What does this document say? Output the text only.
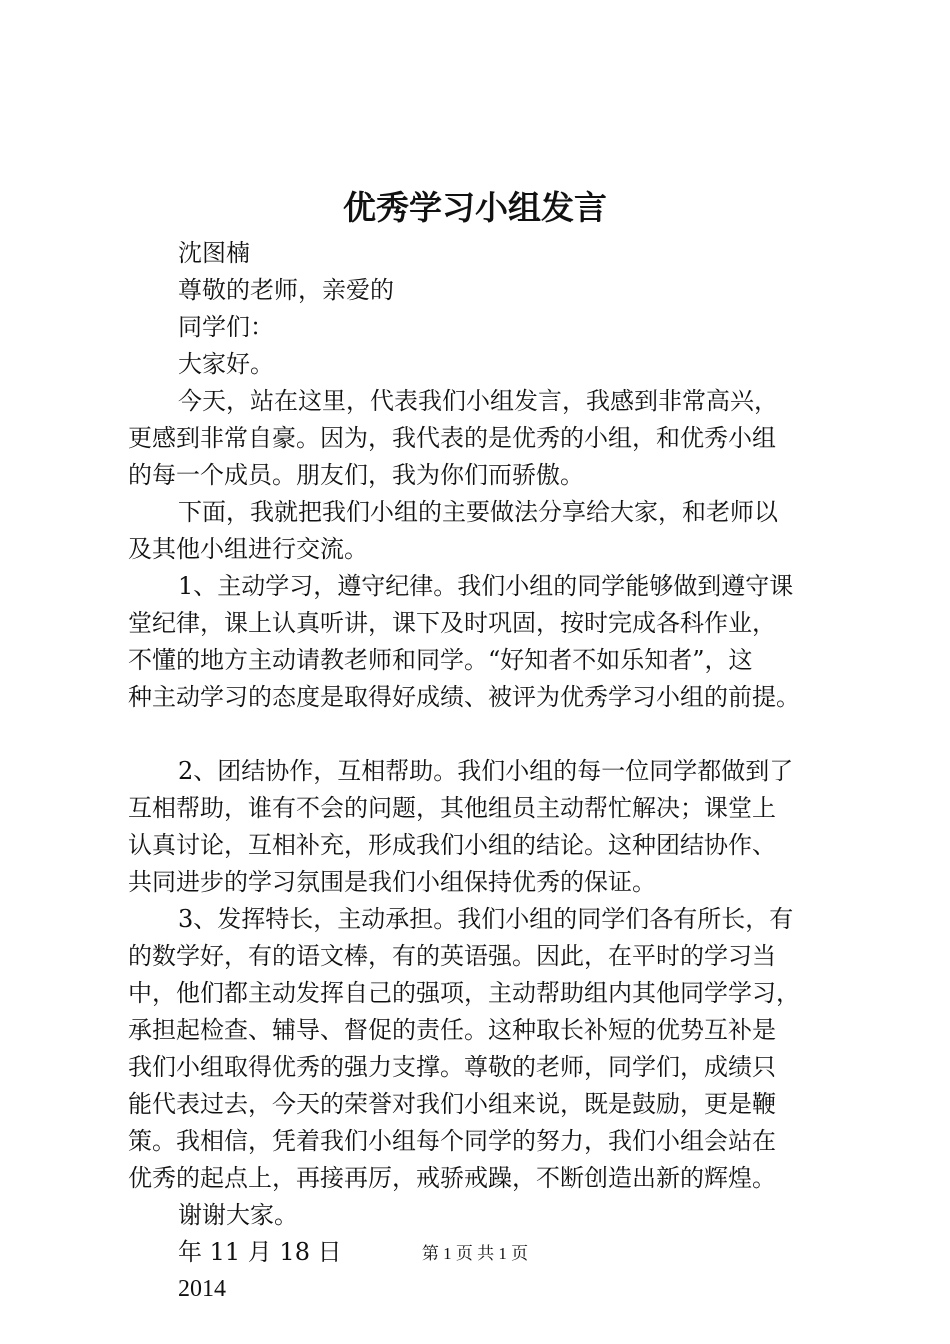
优秀学习小组发言
沈图楠
尊敬的老师，亲爱的
同学们：
大家好。
今天，站在这里，代表我们小组发言，我感到非常高兴，
更感到非常自豪。因为，我代表的是优秀的小组，和优秀小组
的每一个成员。朋友们，我为你们而骄傲。
下面，我就把我们小组的主要做法分享给大家，和老师以
及其他小组进行交流。
1、主动学习，遵守纪律。我们小组的同学能够做到遵守课
堂纪律，课上认真听讲，课下及时巩固，按时完成各科作业，
不懂的地方主动请教老师和同学。“好知者不如乐知者”，这
种主动学习的态度是取得好成绩、被评为优秀学习小组的前提。
2、团结协作，互相帮助。我们小组的每一位同学都做到了
互相帮助，谁有不会的问题，其他组员主动帮忙解决；课堂上
认真讨论，互相补充，形成我们小组的结论。这种团结协作、
共同进步的学习氛围是我们小组保持优秀的保证。
3、发挥特长，主动承担。我们小组的同学们各有所长，有
的数学好，有的语文棒，有的英语强。因此，在平时的学习当
中，他们都主动发挥自己的强项，主动帮助组内其他同学学习，
承担起检查、辅导、督促的责任。这种取长补短的优势互补是
我们小组取得优秀的强力支撑。尊敬的老师，同学们，成绩只
能代表过去，今天的荣誉对我们小组来说，既是鼓励，更是鞭
策。我相信，凭着我们小组每个同学的努力，我们小组会站在
优秀的起点上，再接再厉，戒骄戒躁，不断创造出新的辉煌。
谢谢大家。
年 11 月 18 日
2014
第 1 页 共 1 页
